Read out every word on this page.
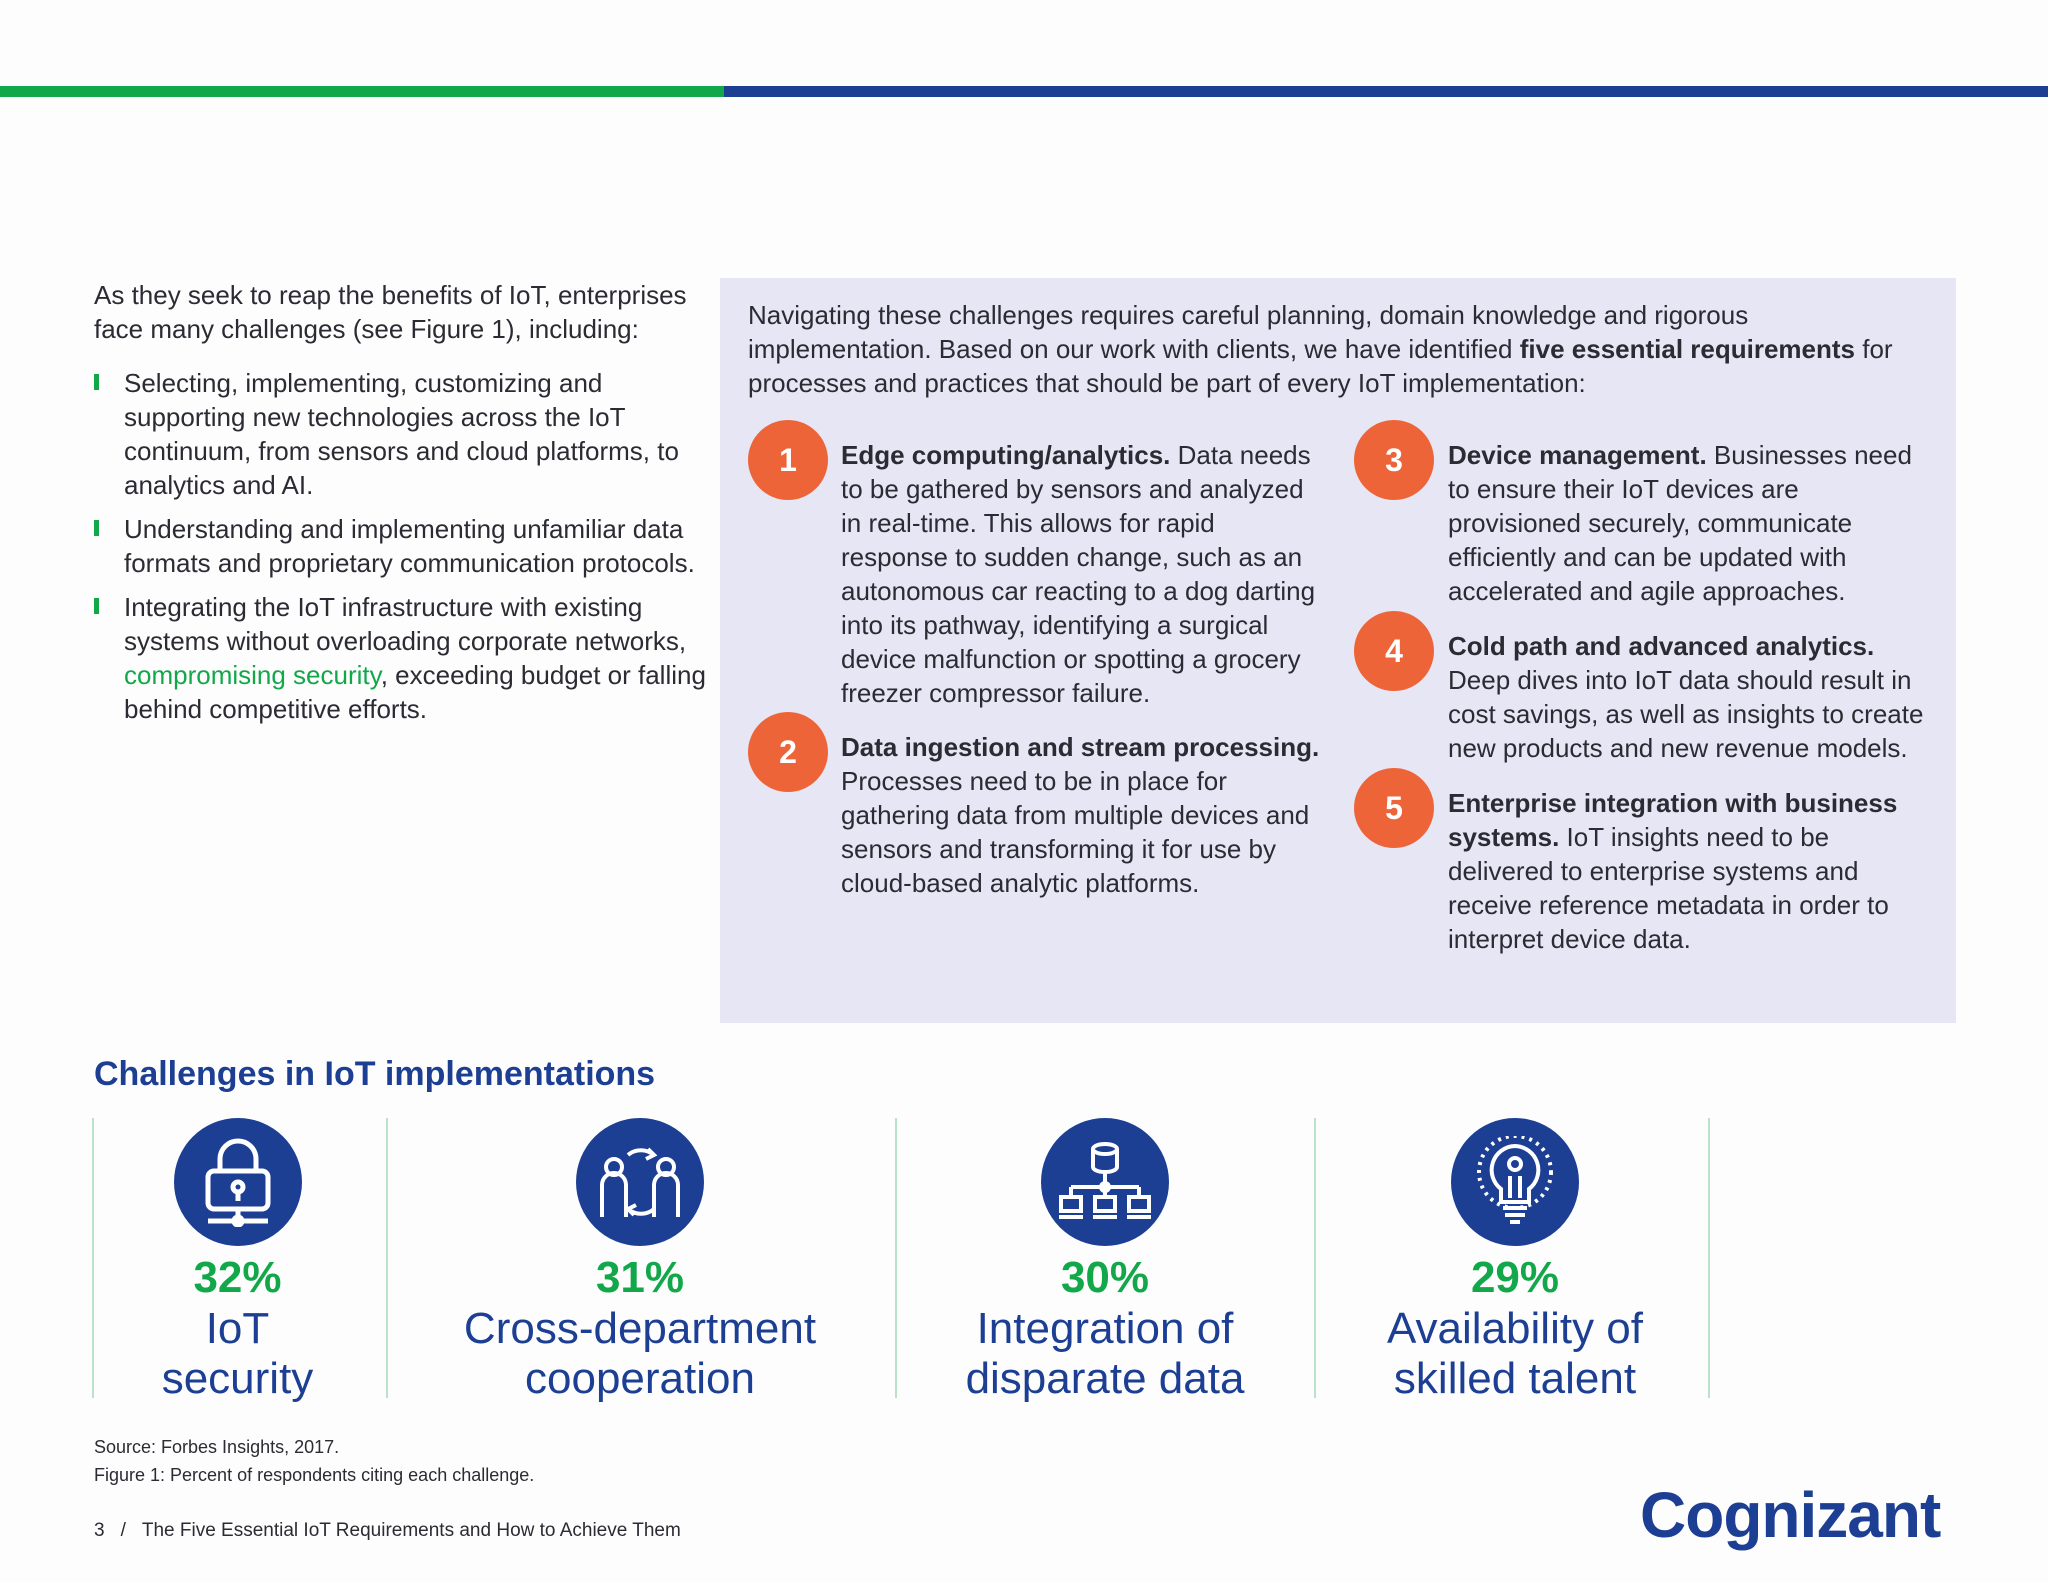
As they seek to reap the benefits of IoT, enterprises face many challenges (see Figure 1), including:

Selecting, implementing, customizing and supporting new technologies across the IoT continuum, from sensors and cloud platforms, to analytics and AI.
Understanding and implementing unfamiliar data formats and proprietary communication protocols.
Integrating the IoT infrastructure with existing systems without overloading corporate networks, compromising security, exceeding budget or falling behind competitive efforts.
Navigating these challenges requires careful planning, domain knowledge and rigorous implementation. Based on our work with clients, we have identified five essential requirements for processes and practices that should be part of every IoT implementation:
1	Edge computing/analytics. Data needs to be gathered by sensors and analyzed in real-time. This allows for rapid response to sudden change, such as an autonomous car reacting to a dog darting into its pathway, identifying a surgical device malfunction or spotting a grocery freezer compressor failure.
2	Data ingestion and stream processing. Processes need to be in place for gathering data from multiple devices and sensors and transforming it for use by cloud-based analytic platforms.
3	Device management. Businesses need to ensure their IoT devices are provisioned securely, communicate efficiently and can be updated with accelerated and agile approaches.
4	Cold path and advanced analytics. Deep dives into IoT data should result in cost savings, as well as insights to create new products and new revenue models.
5	Enterprise integration with business systems. IoT insights need to be delivered to enterprise systems and receive reference metadata in order to interpret device data.
Challenges in IoT implementations
32%
IoT
security
31%
Cross-department
cooperation
30%
Integration of
disparate data
29%
Availability of
skilled talent
Source: Forbes Insights, 2017.
Figure 1: Percent of respondents citing each challenge.
3 / The Five Essential IoT Requirements and How to Achieve Them	Cognizant
